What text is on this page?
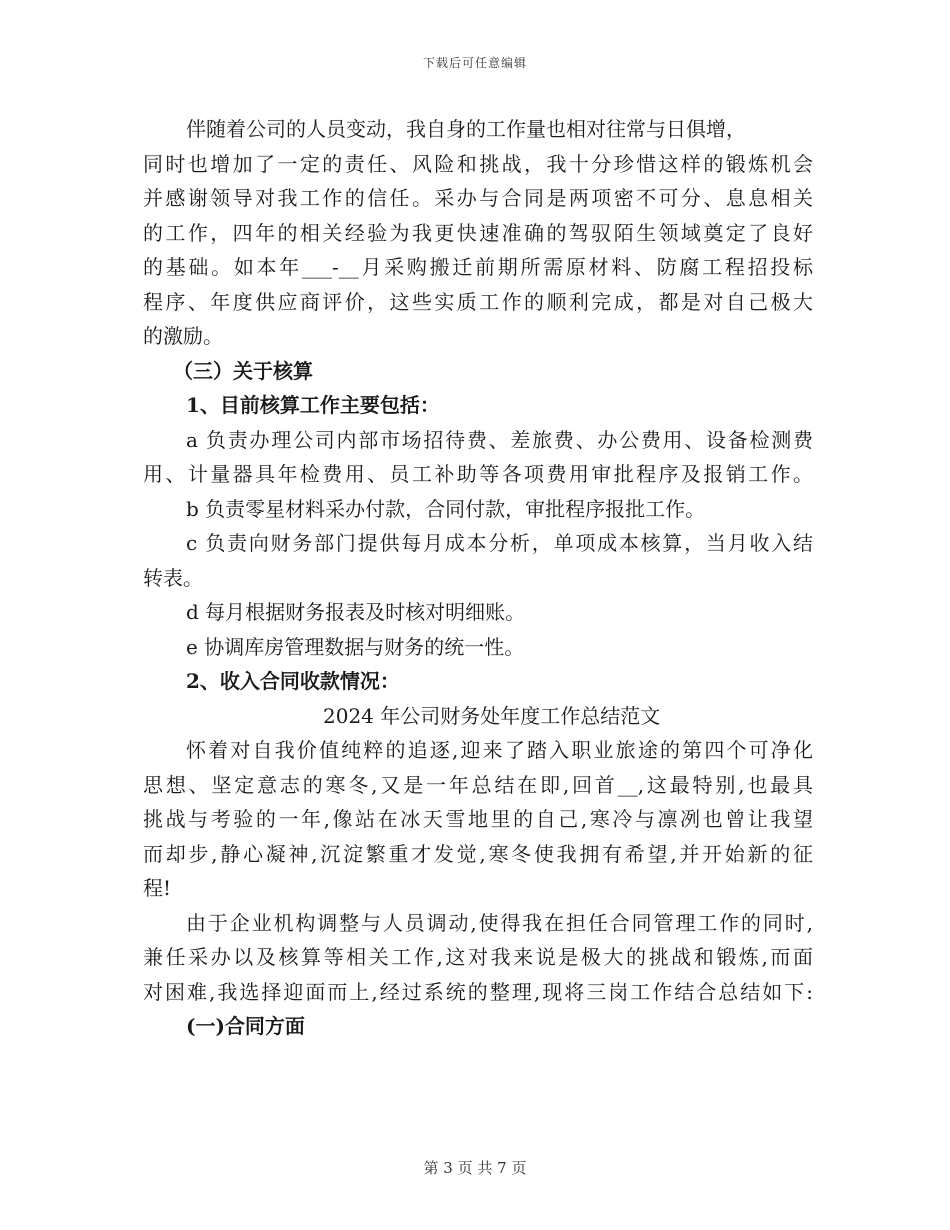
下载后可任意编辑
伴随着公司的人员变动，我自身的工作量也相对往常与日俱增，
同时也增加了一定的责任、风险和挑战，我十分珍惜这样的锻炼机会
并感谢领导对我工作的信任。采办与合同是两项密不可分、息息相关
的工作，四年的相关经验为我更快速准确的驾驭陌生领域奠定了良好
的基础。如本年___-__月采购搬迁前期所需原材料、防腐工程招投标
程序、年度供应商评价，这些实质工作的顺利完成，都是对自己极大
的激励。
（三）关于核算
1、目前核算工作主要包括：
a 负责办理公司内部市场招待费、差旅费、办公费用、设备检测费
用、计量器具年检费用、员工补助等各项费用审批程序及报销工作。
b 负责零星材料采办付款，合同付款，审批程序报批工作。
c 负责向财务部门提供每月成本分析，单项成本核算，当月收入结
转表。
d 每月根据财务报表及时核对明细账。
e 协调库房管理数据与财务的统一性。
2、收入合同收款情况：
2024 年公司财务处年度工作总结范文
怀着对自我价值纯粹的追逐,迎来了踏入职业旅途的第四个可净化
思想、坚定意志的寒冬,又是一年总结在即,回首__,这最特别,也最具
挑战与考验的一年,像站在冰天雪地里的自己,寒冷与凛冽也曾让我望
而却步,静心凝神,沉淀繁重才发觉,寒冬使我拥有希望,并开始新的征
程!
由于企业机构调整与人员调动,使得我在担任合同管理工作的同时,
兼任采办以及核算等相关工作,这对我来说是极大的挑战和锻炼,而面
对困难,我选择迎面而上,经过系统的整理,现将三岗工作结合总结如下:
(一)合同方面
第 3 页 共 7 页
